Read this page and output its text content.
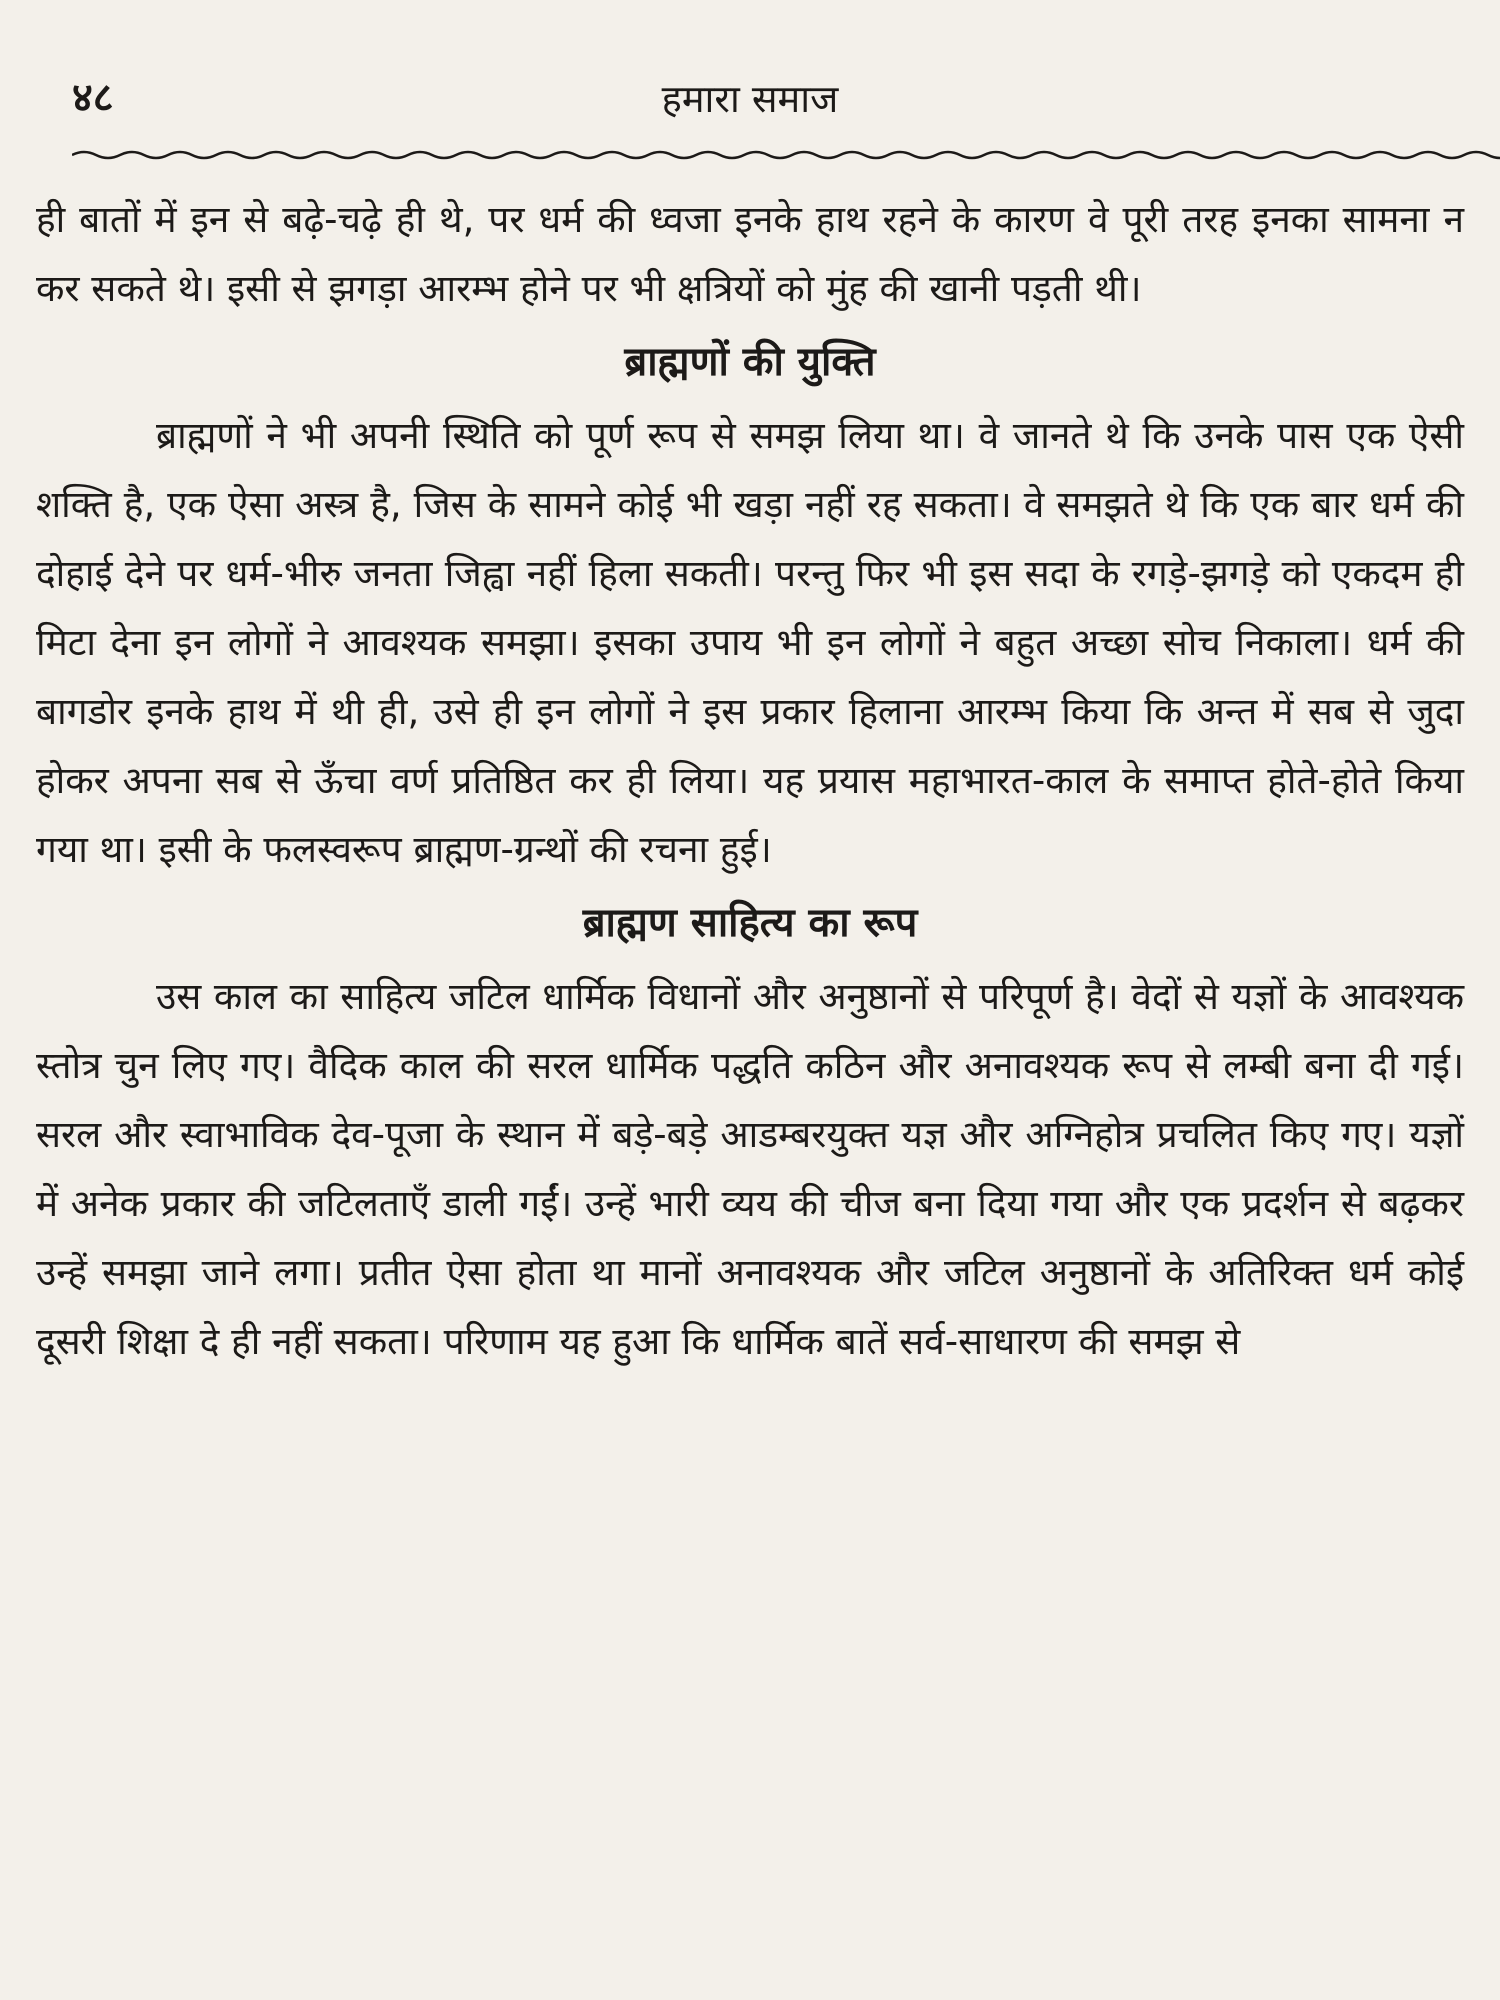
४८	हमारा समाज

ही बातों में इन से बढ़े-चढ़े ही थे, पर धर्म की ध्वजा इनके हाथ रहने के कारण वे पूरी तरह इनका सामना न कर सकते थे। इसी से झगड़ा आरम्भ होने पर भी क्षत्रियों को मुंह की खानी पड़ती थी।

ब्राह्मणों की युक्ति

ब्राह्मणों ने भी अपनी स्थिति को पूर्ण रूप से समझ लिया था। वे जानते थे कि उनके पास एक ऐसी शक्ति है, एक ऐसा अस्त्र है, जिस के सामने कोई भी खड़ा नहीं रह सकता। वे समझते थे कि एक बार धर्म की दोहाई देने पर धर्म-भीरु जनता जिह्वा नहीं हिला सकती। परन्तु फिर भी इस सदा के रगड़े-झगड़े को एकदम ही मिटा देना इन लोगों ने आवश्यक समझा। इसका उपाय भी इन लोगों ने बहुत अच्छा सोच निकाला। धर्म की बागडोर इनके हाथ में थी ही, उसे ही इन लोगों ने इस प्रकार हिलाना आरम्भ किया कि अन्त में सब से जुदा होकर अपना सब से ऊँचा वर्ण प्रतिष्ठित कर ही लिया। यह प्रयास महाभारत-काल के समाप्त होते-होते किया गया था। इसी के फलस्वरूप ब्राह्मण-ग्रन्थों की रचना हुई।

ब्राह्मण साहित्य का रूप

उस काल का साहित्य जटिल धार्मिक विधानों और अनुष्ठानों से परिपूर्ण है। वेदों से यज्ञों के आवश्यक स्तोत्र चुन लिए गए। वैदिक काल की सरल धार्मिक पद्धति कठिन और अनावश्यक रूप से लम्बी बना दी गई। सरल और स्वाभाविक देव-पूजा के स्थान में बड़े-बड़े आडम्बरयुक्त यज्ञ और अग्निहोत्र प्रचलित किए गए। यज्ञों में अनेक प्रकार की जटिलताएँ डाली गईं। उन्हें भारी व्यय की चीज बना दिया गया और एक प्रदर्शन से बढ़कर उन्हें समझा जाने लगा। प्रतीत ऐसा होता था मानों अनावश्यक और जटिल अनुष्ठानों के अतिरिक्त धर्म कोई दूसरी शिक्षा दे ही नहीं सकता। परिणाम यह हुआ कि धार्मिक बातें सर्व-साधारण की समझ से
